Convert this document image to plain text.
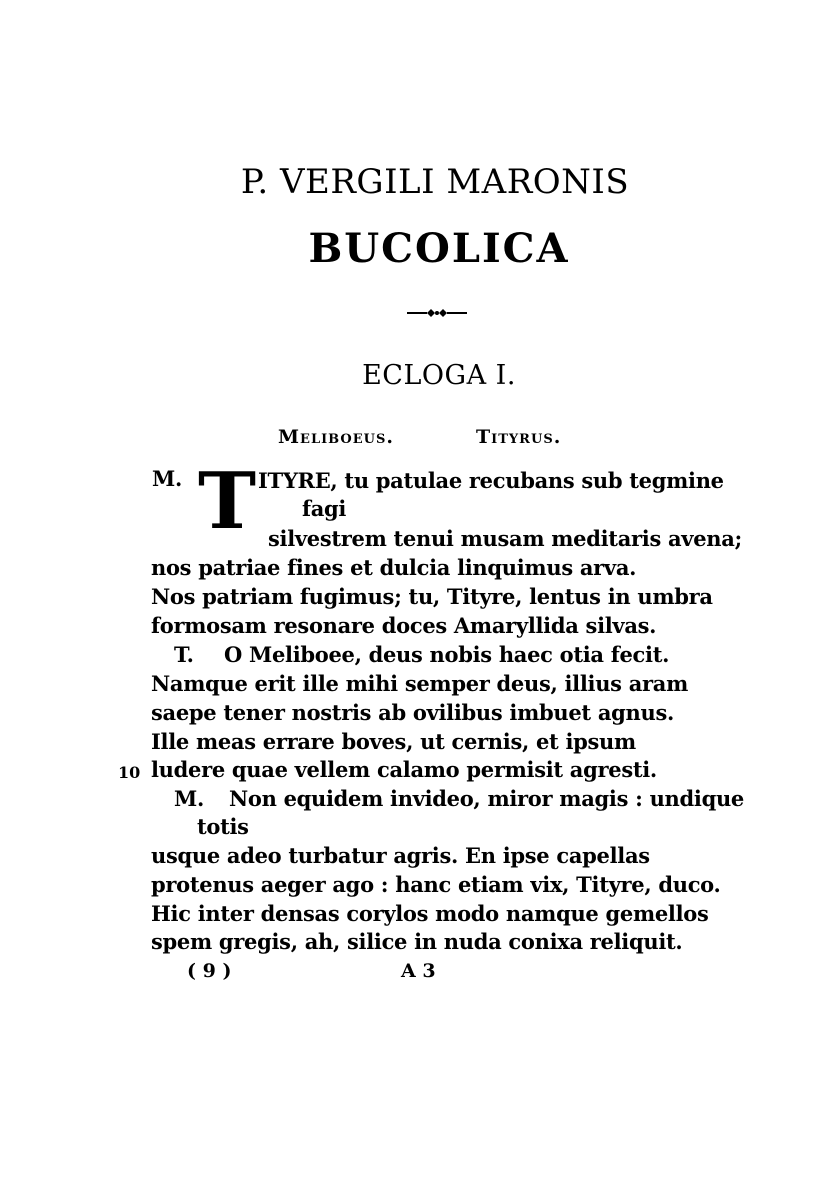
P. VERGILI MARONIS
BUCOLICA
ECLOGA I.
Meliboeus.	Tityrus.
M. T ITYRE, tu patulae recubans sub tegmine
fagi
silvestrem tenui musam meditaris avena;
nos patriae fines et dulcia linquimus arva.
Nos patriam fugimus; tu, Tityre, lentus in umbra
formosam resonare doces Amaryllida silvas.
T. O Meliboee, deus nobis haec otia fecit.
Namque erit ille mihi semper deus, illius aram
saepe tener nostris ab ovilibus imbuet agnus.
Ille meas errare boves, ut cernis, et ipsum
10 ludere quae vellem calamo permisit agresti.
M. Non equidem invideo, miror magis : undique
totis
usque adeo turbatur agris. En ipse capellas
protenus aeger ago : hanc etiam vix, Tityre, duco.
Hic inter densas corylos modo namque gemellos
spem gregis, ah, silice in nuda conixa reliquit.
( 9 )	A 3
